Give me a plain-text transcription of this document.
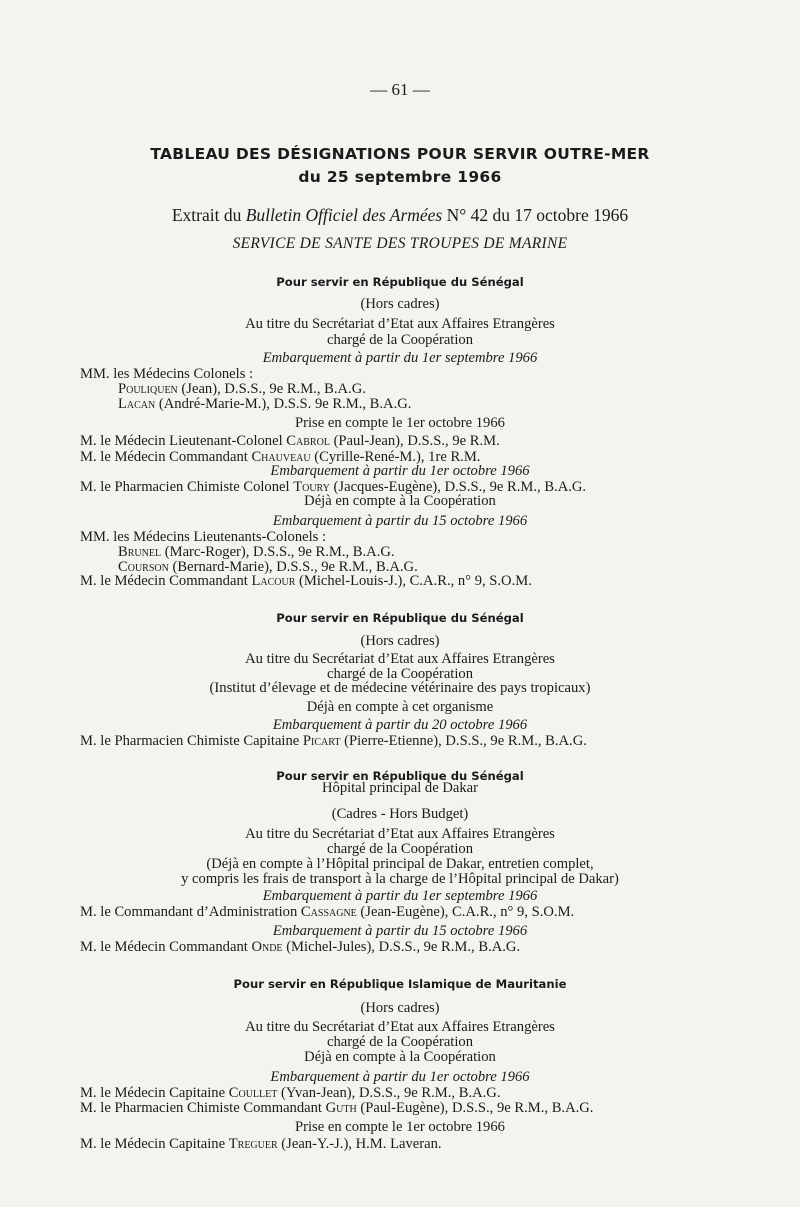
— 61 —
TABLEAU DES DÉSIGNATIONS POUR SERVIR OUTRE-MER
du 25 septembre 1966
Extrait du Bulletin Officiel des Armées N° 42 du 17 octobre 1966
SERVICE DE SANTE DES TROUPES DE MARINE
Pour servir en République du Sénégal
(Hors cadres)
Au titre du Secrétariat d’Etat aux Affaires Etrangères
chargé de la Coopération
Embarquement à partir du 1er septembre 1966
MM. les Médecins Colonels :
Pouliquen (Jean), D.S.S., 9e R.M., B.A.G.
Lacan (André-Marie-M.), D.S.S. 9e R.M., B.A.G.
Prise en compte le 1er octobre 1966
M. le Médecin Lieutenant-Colonel Cabrol (Paul-Jean), D.S.S., 9e R.M.
M. le Médecin Commandant Chauveau (Cyrille-René-M.), 1re R.M.
Embarquement à partir du 1er octobre 1966
M. le Pharmacien Chimiste Colonel Toury (Jacques-Eugène), D.S.S., 9e R.M., B.A.G.
Déjà en compte à la Coopération
Embarquement à partir du 15 octobre 1966
MM. les Médecins Lieutenants-Colonels :
Brunel (Marc-Roger), D.S.S., 9e R.M., B.A.G.
Courson (Bernard-Marie), D.S.S., 9e R.M., B.A.G.
M. le Médecin Commandant Lacour (Michel-Louis-J.), C.A.R., n° 9, S.O.M.
Pour servir en République du Sénégal
(Hors cadres)
Au titre du Secrétariat d’Etat aux Affaires Etrangères
chargé de la Coopération
(Institut d’élevage et de médecine vétérinaire des pays tropicaux)
Déjà en compte à cet organisme
Embarquement à partir du 20 octobre 1966
M. le Pharmacien Chimiste Capitaine Picart (Pierre-Etienne), D.S.S., 9e R.M., B.A.G.
Pour servir en République du Sénégal
Hôpital principal de Dakar
(Cadres - Hors Budget)
Au titre du Secrétariat d’Etat aux Affaires Etrangères
chargé de la Coopération
(Déjà en compte à l’Hôpital principal de Dakar, entretien complet,
y compris les frais de transport à la charge de l’Hôpital principal de Dakar)
Embarquement à partir du 1er septembre 1966
M. le Commandant d’Administration Cassagne (Jean-Eugène), C.A.R., n° 9, S.O.M.
Embarquement à partir du 15 octobre 1966
M. le Médecin Commandant Onde (Michel-Jules), D.S.S., 9e R.M., B.A.G.
Pour servir en République Islamique de Mauritanie
(Hors cadres)
Au titre du Secrétariat d’Etat aux Affaires Etrangères
chargé de la Coopération
Déjà en compte à la Coopération
Embarquement à partir du 1er octobre 1966
M. le Médecin Capitaine Coullet (Yvan-Jean), D.S.S., 9e R.M., B.A.G.
M. le Pharmacien Chimiste Commandant Guth (Paul-Eugène), D.S.S., 9e R.M., B.A.G.
Prise en compte le 1er octobre 1966
M. le Médecin Capitaine Treguer (Jean-Y.-J.), H.M. Laveran.
